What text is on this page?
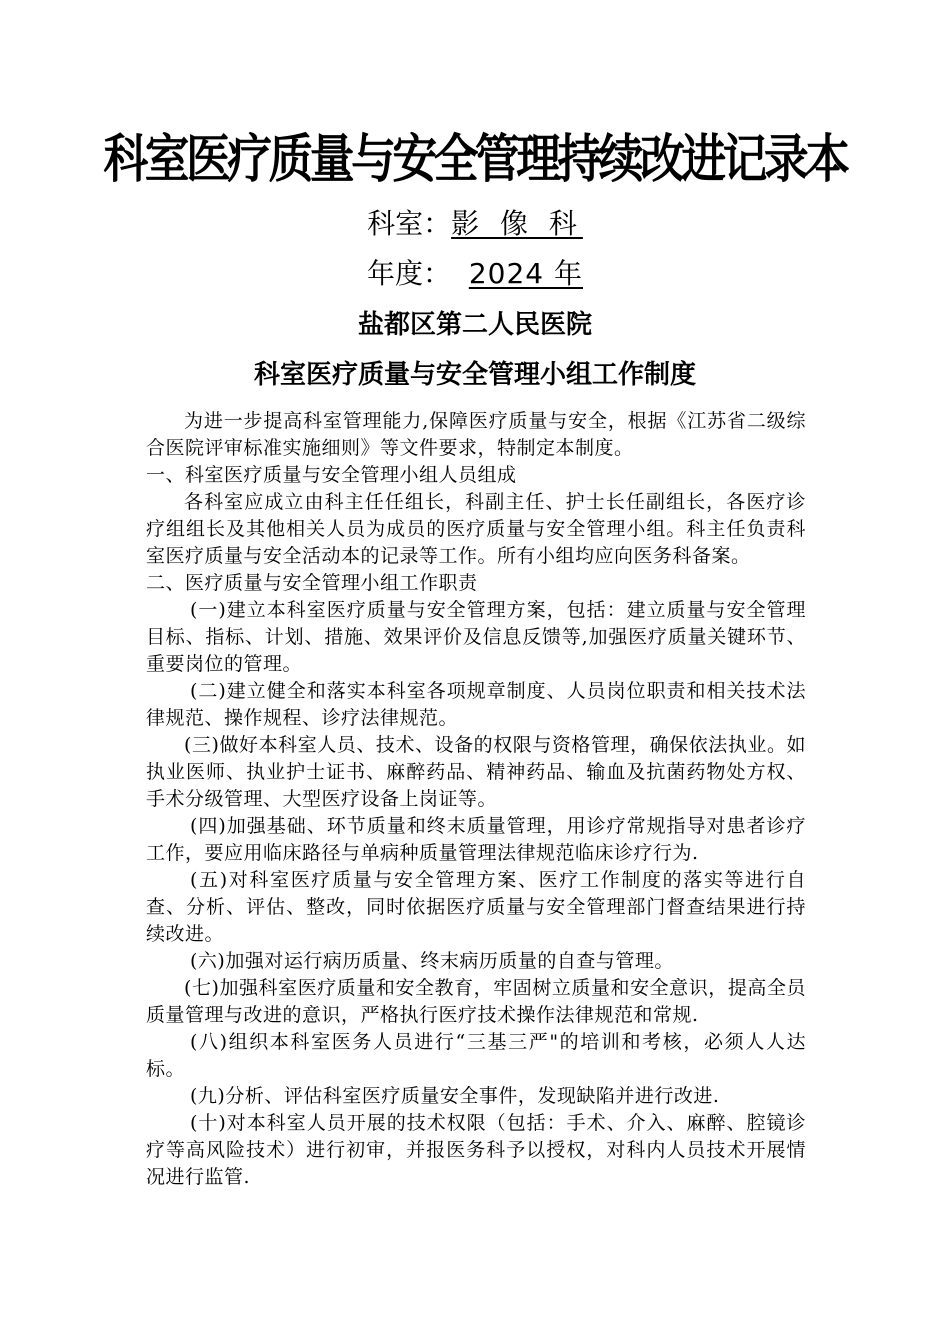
科室医疗质量与安全管理持续改进记录本
科室：影 像 科
年度： 2024 年
盐都区第二人民医院
科室医疗质量与安全管理小组工作制度

为进一步提高科室管理能力,保障医疗质量与安全，根据《江苏省二级综合医院评审标准实施细则》等文件要求，特制定本制度。

一、科室医疗质量与安全管理小组人员组成

各科室应成立由科主任任组长，科副主任、护士长任副组长，各医疗诊疗组组长及其他相关人员为成员的医疗质量与安全管理小组。科主任负责科室医疗质量与安全活动本的记录等工作。所有小组均应向医务科备案。

二、医疗质量与安全管理小组工作职责

(一)建立本科室医疗质量与安全管理方案，包括：建立质量与安全管理目标、指标、计划、措施、效果评价及信息反馈等,加强医疗质量关键环节、重要岗位的管理。

(二)建立健全和落实本科室各项规章制度、人员岗位职责和相关技术法律规范、操作规程、诊疗法律规范。

(三)做好本科室人员、技术、设备的权限与资格管理，确保依法执业。如执业医师、执业护士证书、麻醉药品、精神药品、输血及抗菌药物处方权、手术分级管理、大型医疗设备上岗证等。

(四)加强基础、环节质量和终末质量管理，用诊疗常规指导对患者诊疗工作，要应用临床路径与单病种质量管理法律规范临床诊疗行为.

(五)对科室医疗质量与安全管理方案、医疗工作制度的落实等进行自查、分析、评估、整改，同时依据医疗质量与安全管理部门督查结果进行持续改进。

(六)加强对运行病历质量、终末病历质量的自查与管理。

(七)加强科室医疗质量和安全教育，牢固树立质量和安全意识，提高全员质量管理与改进的意识，严格执行医疗技术操作法律规范和常规.

(八)组织本科室医务人员进行“三基三严"的培训和考核，必须人人达标。

(九)分析、评估科室医疗质量安全事件，发现缺陷并进行改进.

(十)对本科室人员开展的技术权限（包括：手术、介入、麻醉、腔镜诊疗等高风险技术）进行初审，并报医务科予以授权，对科内人员技术开展情况进行监管.
